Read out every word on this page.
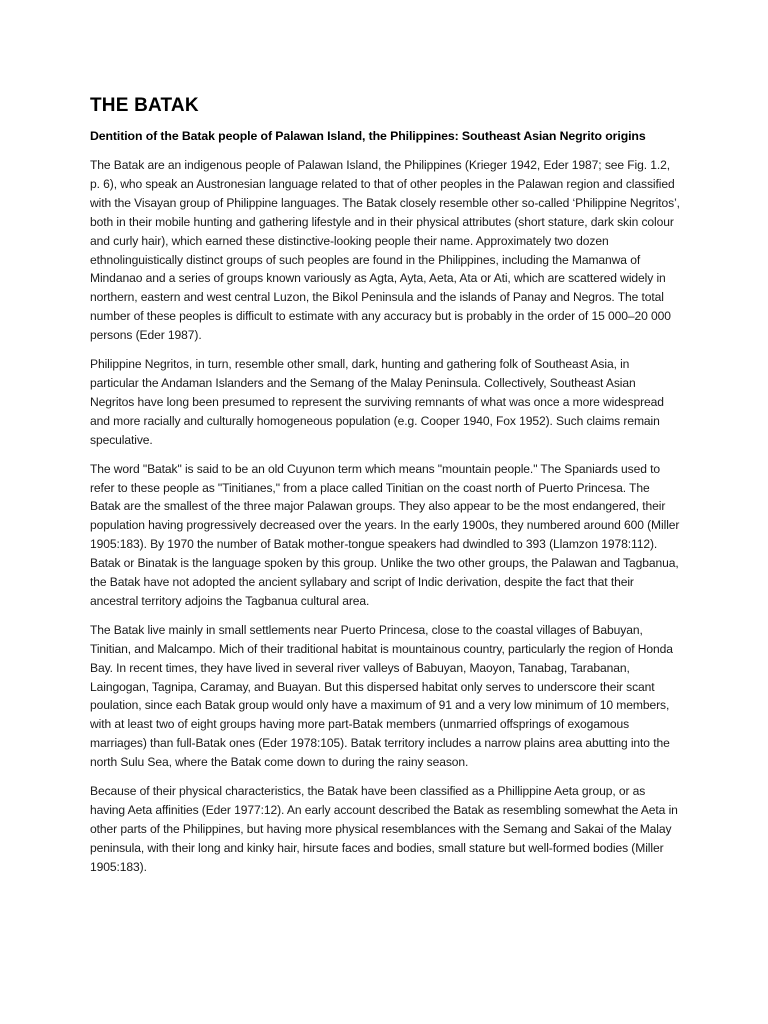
THE BATAK

Dentition of the Batak people of Palawan Island, the Philippines: Southeast Asian Negrito origins

The Batak are an indigenous people of Palawan Island, the Philippines (Krieger 1942, Eder 1987; see Fig. 1.2, p. 6), who speak an Austronesian language related to that of other peoples in the Palawan region and classified with the Visayan group of Philippine languages. The Batak closely resemble other so-called ‘Philippine Negritos’, both in their mobile hunting and gathering lifestyle and in their physical attributes (short stature, dark skin colour and curly hair), which earned these distinctive-looking people their name. Approximately two dozen ethnolinguistically distinct groups of such peoples are found in the Philippines, including the Mamanwa of Mindanao and a series of groups known variously as Agta, Ayta, Aeta, Ata or Ati, which are scattered widely in northern, eastern and west central Luzon, the Bikol Peninsula and the islands of Panay and Negros. The total number of these peoples is difficult to estimate with any accuracy but is probably in the order of 15 000–20 000 persons (Eder 1987).

Philippine Negritos, in turn, resemble other small, dark, hunting and gathering folk of Southeast Asia, in particular the Andaman Islanders and the Semang of the Malay Peninsula. Collectively, Southeast Asian Negritos have long been presumed to represent the surviving remnants of what was once a more widespread and more racially and culturally homogeneous population (e.g. Cooper 1940, Fox 1952). Such claims remain speculative.

The word "Batak" is said to be an old Cuyunon term which means "mountain people." The Spaniards used to refer to these people as "Tinitianes," from a place called Tinitian on the coast north of Puerto Princesa. The Batak are the smallest of the three major Palawan groups. They also appear to be the most endangered, their population having progressively decreased over the years. In the early 1900s, they numbered around 600 (Miller 1905:183). By 1970 the number of Batak mother-tongue speakers had dwindled to 393 (Llamzon 1978:112). Batak or Binatak is the language spoken by this group. Unlike the two other groups, the Palawan and Tagbanua, the Batak have not adopted the ancient syllabary and script of Indic derivation, despite the fact that their ancestral territory adjoins the Tagbanua cultural area.

The Batak live mainly in small settlements near Puerto Princesa, close to the coastal villages of Babuyan, Tinitian, and Malcampo. Mich of their traditional habitat is mountainous country, particularly the region of Honda Bay. In recent times, they have lived in several river valleys of Babuyan, Maoyon, Tanabag, Tarabanan, Laingogan, Tagnipa, Caramay, and Buayan. But this dispersed habitat only serves to underscore their scant poulation, since each Batak group would only have a maximum of 91 and a very low minimum of 10 members, with at least two of eight groups having more part-Batak members (unmarried offsprings of exogamous marriages) than full-Batak ones (Eder 1978:105). Batak territory includes a narrow plains area abutting into the north Sulu Sea, where the Batak come down to during the rainy season.

Because of their physical characteristics, the Batak have been classified as a Phillippine Aeta group, or as having Aeta affinities (Eder 1977:12). An early account described the Batak as resembling somewhat the Aeta in other parts of the Philippines, but having more physical resemblances with the Semang and Sakai of the Malay peninsula, with their long and kinky hair, hirsute faces and bodies, small stature but well-formed bodies (Miller 1905:183).
